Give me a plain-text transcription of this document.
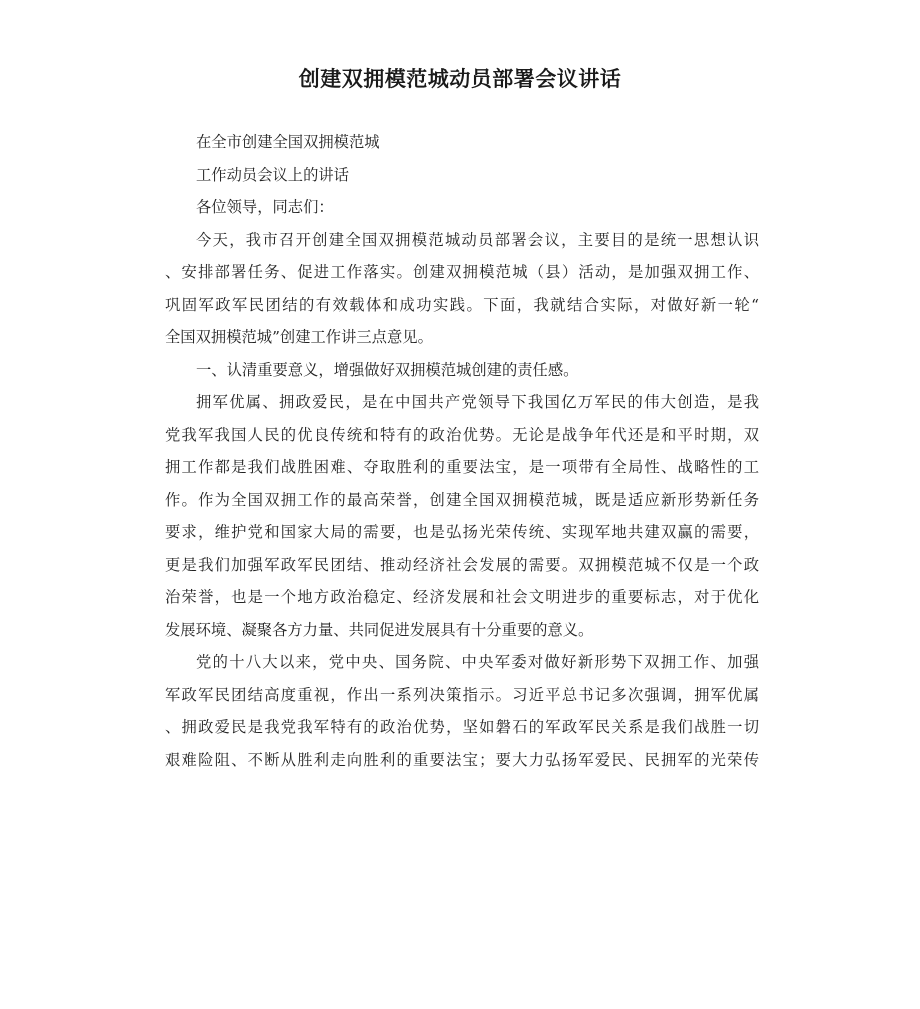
创建双拥模范城动员部署会议讲话
在全市创建全国双拥模范城
工作动员会议上的讲话
各位领导，同志们：
今天，我市召开创建全国双拥模范城动员部署会议，主要目的是统一思想认识
、安排部署任务、促进工作落实。创建双拥模范城（县）活动，是加强双拥工作、
巩固军政军民团结的有效载体和成功实践。下面，我就结合实际，对做好新一轮“
全国双拥模范城”创建工作讲三点意见。
一、认清重要意义，增强做好双拥模范城创建的责任感。
拥军优属、拥政爱民，是在中国共产党领导下我国亿万军民的伟大创造，是我
党我军我国人民的优良传统和特有的政治优势。无论是战争年代还是和平时期，双
拥工作都是我们战胜困难、夺取胜利的重要法宝，是一项带有全局性、战略性的工
作。作为全国双拥工作的最高荣誉，创建全国双拥模范城，既是适应新形势新任务
要求，维护党和国家大局的需要，也是弘扬光荣传统、实现军地共建双赢的需要，
更是我们加强军政军民团结、推动经济社会发展的需要。双拥模范城不仅是一个政
治荣誉，也是一个地方政治稳定、经济发展和社会文明进步的重要标志，对于优化
发展环境、凝聚各方力量、共同促进发展具有十分重要的意义。
党的十八大以来，党中央、国务院、中央军委对做好新形势下双拥工作、加强
军政军民团结高度重视，作出一系列决策指示。习近平总书记多次强调，拥军优属
、拥政爱民是我党我军特有的政治优势，坚如磐石的军政军民关系是我们战胜一切
艰难险阻、不断从胜利走向胜利的重要法宝；要大力弘扬军爱民、民拥军的光荣传
